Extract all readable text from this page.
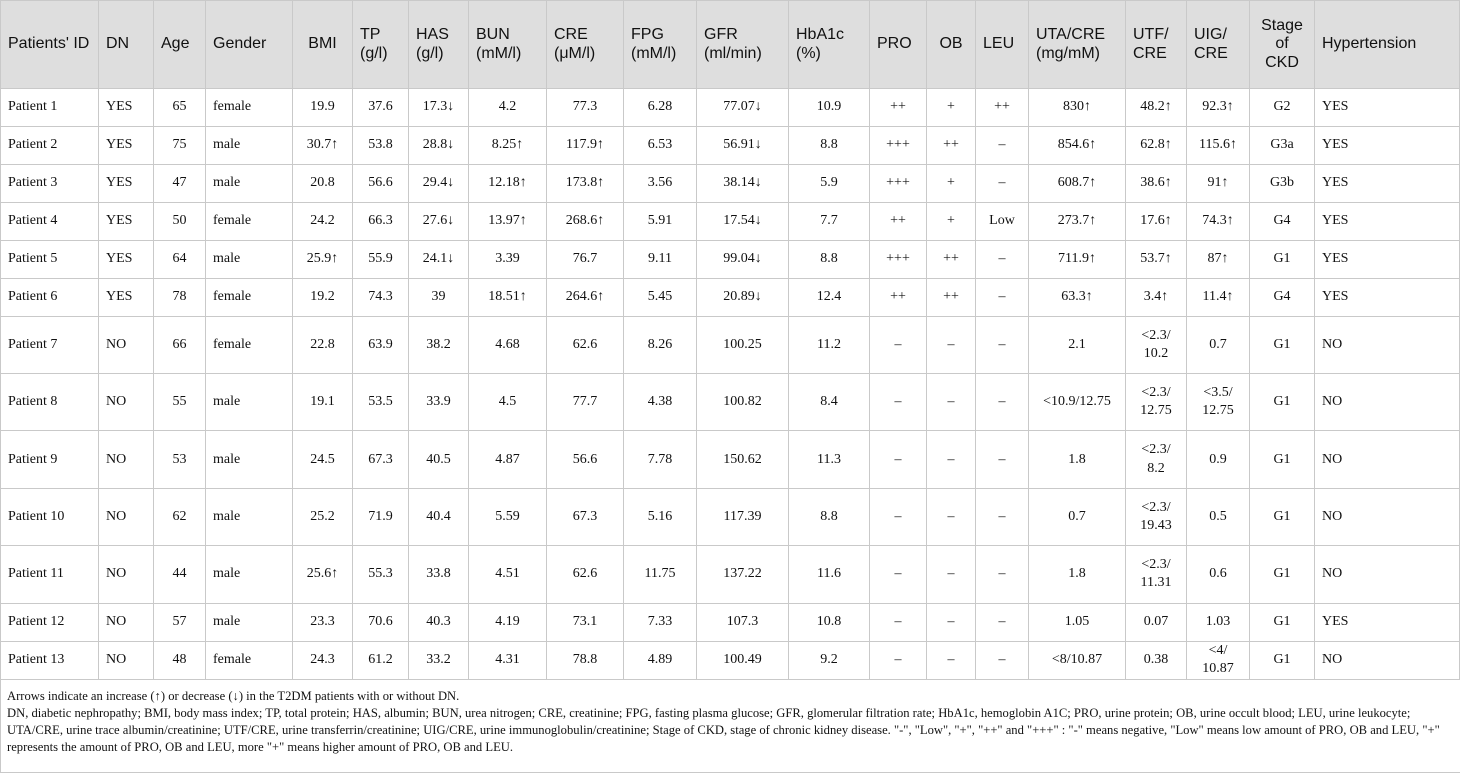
Patients' ID	DN	Age	Gender	BMI	TP (g/l)	HAS (g/l)	BUN (mM/l)	CRE (μM/l)	FPG (mM/l)	GFR (ml/min)	HbA1c (%)	PRO	OB	LEU	UTA/CRE (mg/mM)	UTF/ CRE	UIG/ CRE	Stage of CKD	Hypertension
Patient 1	YES	65	female	19.9	37.6	17.3↓	4.2	77.3	6.28	77.07↓	10.9	++	+	++	830↑	48.2↑	92.3↑	G2	YES
Patient 2	YES	75	male	30.7↑	53.8	28.8↓	8.25↑	117.9↑	6.53	56.91↓	8.8	+++	++	–	854.6↑	62.8↑	115.6↑	G3a	YES
Patient 3	YES	47	male	20.8	56.6	29.4↓	12.18↑	173.8↑	3.56	38.14↓	5.9	+++	+	–	608.7↑	38.6↑	91↑	G3b	YES
Patient 4	YES	50	female	24.2	66.3	27.6↓	13.97↑	268.6↑	5.91	17.54↓	7.7	++	+	Low	273.7↑	17.6↑	74.3↑	G4	YES
Patient 5	YES	64	male	25.9↑	55.9	24.1↓	3.39	76.7	9.11	99.04↓	8.8	+++	++	–	711.9↑	53.7↑	87↑	G1	YES
Patient 6	YES	78	female	19.2	74.3	39	18.51↑	264.6↑	5.45	20.89↓	12.4	++	++	–	63.3↑	3.4↑	11.4↑	G4	YES
Patient 7	NO	66	female	22.8	63.9	38.2	4.68	62.6	8.26	100.25	11.2	–	–	–	2.1	<2.3/ 10.2	0.7	G1	NO
Patient 8	NO	55	male	19.1	53.5	33.9	4.5	77.7	4.38	100.82	8.4	–	–	–	<10.9/12.75	<2.3/ 12.75	<3.5/ 12.75	G1	NO
Patient 9	NO	53	male	24.5	67.3	40.5	4.87	56.6	7.78	150.62	11.3	–	–	–	1.8	<2.3/ 8.2	0.9	G1	NO
Patient 10	NO	62	male	25.2	71.9	40.4	5.59	67.3	5.16	117.39	8.8	–	–	–	0.7	<2.3/ 19.43	0.5	G1	NO
Patient 11	NO	44	male	25.6↑	55.3	33.8	4.51	62.6	11.75	137.22	11.6	–	–	–	1.8	<2.3/ 11.31	0.6	G1	NO
Patient 12	NO	57	male	23.3	70.6	40.3	4.19	73.1	7.33	107.3	10.8	–	–	–	1.05	0.07	1.03	G1	YES
Patient 13	NO	48	female	24.3	61.2	33.2	4.31	78.8	4.89	100.49	9.2	–	–	–	<8/10.87	0.38	<4/ 10.87	G1	NO

Arrows indicate an increase (↑) or decrease (↓) in the T2DM patients with or without DN.

DN, diabetic nephropathy; BMI, body mass index; TP, total protein; HAS, albumin; BUN, urea nitrogen; CRE, creatinine; FPG, fasting plasma glucose; GFR, glomerular filtration rate; HbA1c, hemoglobin A1C; PRO, urine protein; OB, urine occult blood; LEU, urine leukocyte; UTA/CRE, urine trace albumin/creatinine; UTF/CRE, urine transferrin/creatinine; UIG/CRE, urine immunoglobulin/creatinine; Stage of CKD, stage of chronic kidney disease. "-", "Low", "+", "++" and "+++" : "-" means negative, "Low" means low amount of PRO, OB and LEU, "+" represents the amount of PRO, OB and LEU, more "+" means higher amount of PRO, OB and LEU.
